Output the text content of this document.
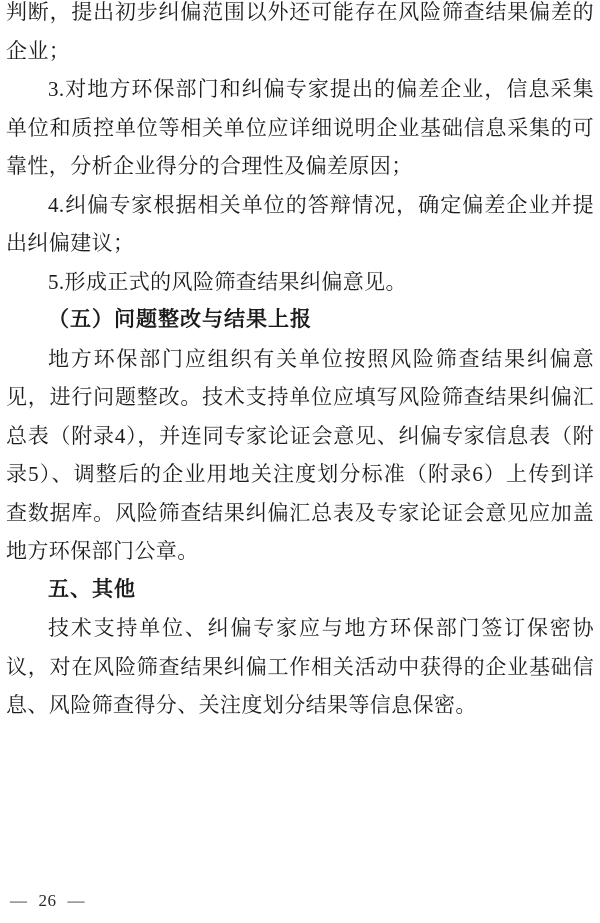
判断，提出初步纠偏范围以外还可能存在风险筛查结果偏差的企业；

3.对地方环保部门和纠偏专家提出的偏差企业，信息采集单位和质控单位等相关单位应详细说明企业基础信息采集的可靠性，分析企业得分的合理性及偏差原因；

4.纠偏专家根据相关单位的答辩情况，确定偏差企业并提出纠偏建议；

5.形成正式的风险筛查结果纠偏意见。

（五）问题整改与结果上报

地方环保部门应组织有关单位按照风险筛查结果纠偏意见，进行问题整改。技术支持单位应填写风险筛查结果纠偏汇总表（附录4），并连同专家论证会意见、纠偏专家信息表（附录5）、调整后的企业用地关注度划分标准（附录6）上传到详查数据库。风险筛查结果纠偏汇总表及专家论证会意见应加盖地方环保部门公章。

五、其他

技术支持单位、纠偏专家应与地方环保部门签订保密协议，对在风险筛查结果纠偏工作相关活动中获得的企业基础信息、风险筛查得分、关注度划分结果等信息保密。

— 26 —
